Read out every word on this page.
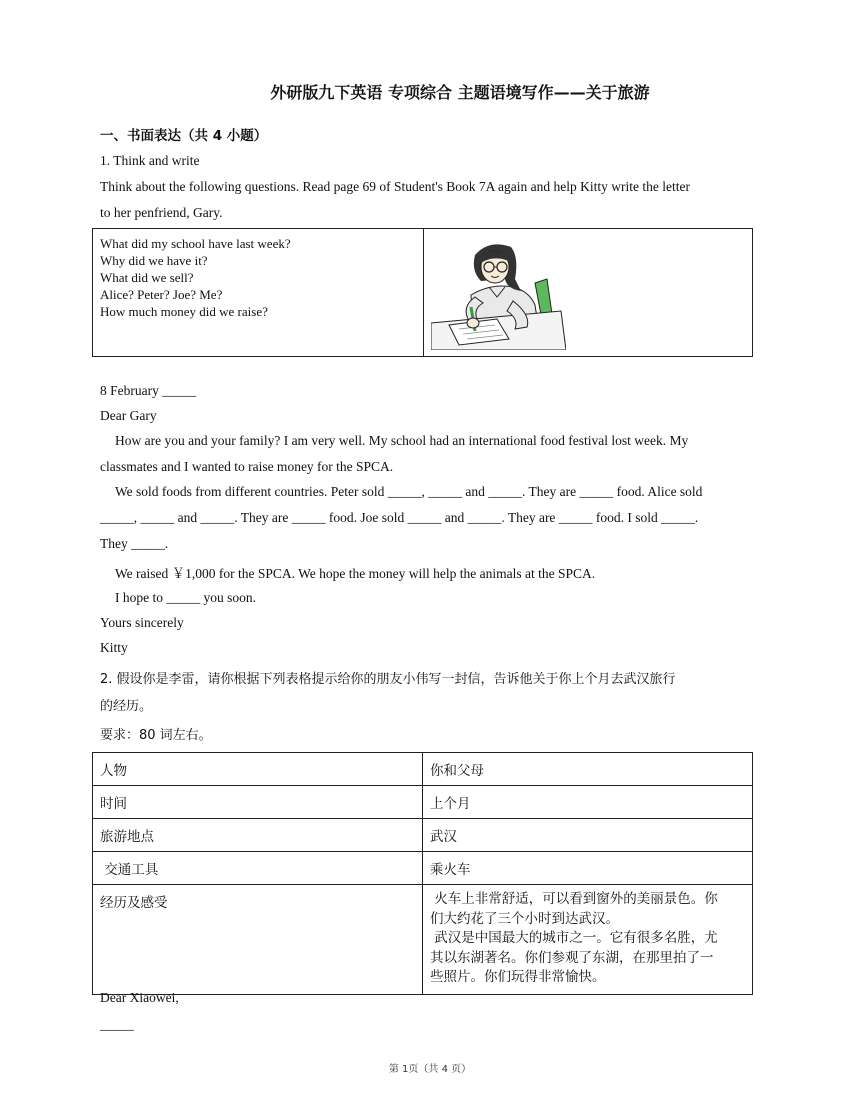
外研版九下英语 专项综合 主题语境写作——关于旅游
一、书面表达（共 4 小题）
1. Think and write
Think about the following questions. Read page 69 of Student's Book 7A again and help Kitty write the letter
to her penfriend, Gary.
What did my school have last week?
Why did we have it?
What did we sell?
Alice? Peter? Joe? Me?
How much money did we raise?

8 February _____
Dear Gary
How are you and your family? I am very well. My school had an international food festival lost week. My
classmates and I wanted to raise money for the SPCA.
We sold foods from different countries. Peter sold _____, _____ and _____. They are _____ food. Alice sold
_____, _____ and _____. They are _____ food. Joe sold _____ and _____. They are _____ food. I sold _____.
They _____.
We raised ￥1,000 for the SPCA. We hope the money will help the animals at the SPCA.
I hope to _____ you soon.
Yours sincerely
Kitty
2. 假设你是李雷，请你根据下列表格提示给你的朋友小伟写一封信，告诉他关于你上个月去武汉旅行
的经历。
要求：80 词左右。
人物	你和父母
时间	上个月
旅游地点	武汉
交通工具	乘火车
经历及感受	火车上非常舒适，可以看到窗外的美丽景色。你
们大约花了三个小时到达武汉。
武汉是中国最大的城市之一。它有很多名胜，尤
其以东湖著名。你们参观了东湖，在那里拍了一
些照片。你们玩得非常愉快。
Dear Xiaowei,
_____
第 1页（共 4 页）
